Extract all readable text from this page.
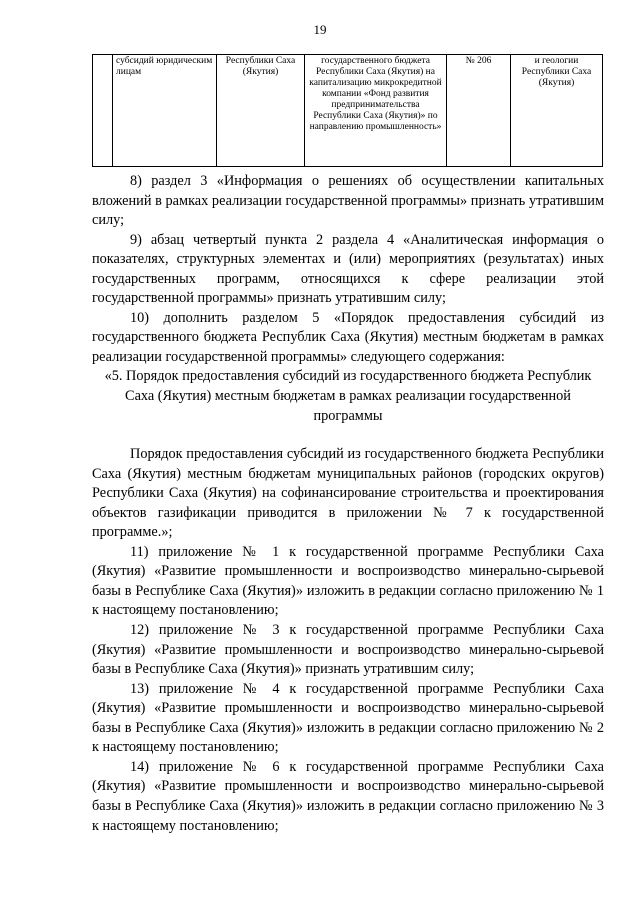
19
	субсидий юридическим лицам	Республики Саха (Якутия)	государственного бюджета Республики Саха (Якутия) на капитализацию микрокредитной компании «Фонд развития предпринимательства Республики Саха (Якутия)» по направлению промышленность»	№ 206	и геологии Республики Саха (Якутия)

8) раздел 3 «Информация о решениях об осуществлении капитальных вложений в рамках реализации государственной программы» признать утратившим силу;

9) абзац четвертый пункта 2 раздела 4 «Аналитическая информация о показателях, структурных элементах и (или) мероприятиях (результатах) иных государственных программ, относящихся к сфере реализации этой государственной программы» признать утратившим силу;

10) дополнить разделом 5 «Порядок предоставления субсидий из государственного бюджета Республик Саха (Якутия) местным бюджетам в рамках реализации государственной программы» следующего содержания:

«5. Порядок предоставления субсидий из государственного бюджета Республик Саха (Якутия) местным бюджетам в рамках реализации государственной программы

Порядок предоставления субсидий из государственного бюджета Республики Саха (Якутия) местным бюджетам муниципальных районов (городских округов) Республики Саха (Якутия) на софинансирование строительства и проектирования объектов газификации приводится в приложении № 7 к государственной программе.»;

11) приложение № 1 к государственной программе Республики Саха (Якутия) «Развитие промышленности и воспроизводство минерально-сырьевой базы в Республике Саха (Якутия)» изложить в редакции согласно приложению № 1 к настоящему постановлению;

12) приложение № 3 к государственной программе Республики Саха (Якутия) «Развитие промышленности и воспроизводство минерально-сырьевой базы в Республике Саха (Якутия)» признать утратившим силу;

13) приложение № 4 к государственной программе Республики Саха (Якутия) «Развитие промышленности и воспроизводство минерально-сырьевой базы в Республике Саха (Якутия)» изложить в редакции согласно приложению № 2 к настоящему постановлению;

14) приложение № 6 к государственной программе Республики Саха (Якутия) «Развитие промышленности и воспроизводство минерально-сырьевой базы в Республике Саха (Якутия)» изложить в редакции согласно приложению № 3 к настоящему постановлению;
